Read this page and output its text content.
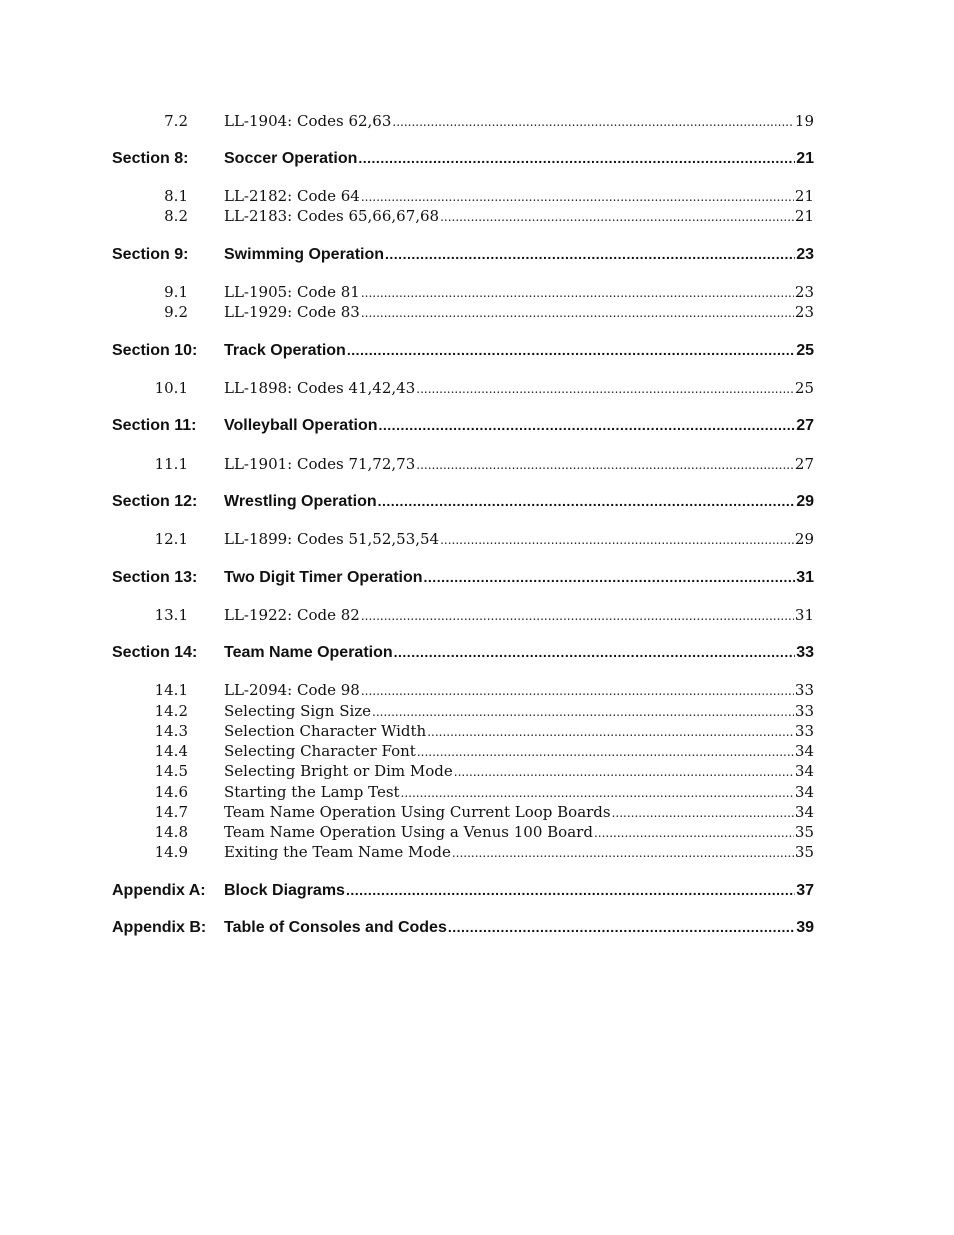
7.2 LL-1904: Codes 62,63 .....	19
Section 8:	Soccer Operation .....	21
8.1 LL-2182: Code 64 .....	21
8.2 LL-2183: Codes 65,66,67,68 .....	21
Section 9:	Swimming Operation .....	23
9.1 LL-1905: Code 81 .....	23
9.2 LL-1929: Code 83 .....	23
Section 10:	Track Operation .....	25
10.1 LL-1898: Codes 41,42,43 .....	25
Section 11:	Volleyball Operation .....	27
11.1 LL-1901: Codes 71,72,73 .....	27
Section 12:	Wrestling Operation .....	29
12.1 LL-1899: Codes 51,52,53,54 .....	29
Section 13:	Two Digit Timer Operation .....	31
13.1 LL-1922: Code 82 .....	31
Section 14:	Team Name Operation .....	33
14.1 LL-2094: Code 98 .....	33
14.2 Selecting Sign Size .....	33
14.3 Selection Character Width .....	33
14.4 Selecting Character Font .....	34
14.5 Selecting Bright or Dim Mode .....	34
14.6 Starting the Lamp Test .....	34
14.7 Team Name Operation Using Current Loop Boards .....	34
14.8 Team Name Operation Using a Venus 100 Board .....	35
14.9 Exiting the Team Name Mode .....	35
Appendix A:	Block Diagrams .....	37
Appendix B:	Table of Consoles and Codes .....	39
